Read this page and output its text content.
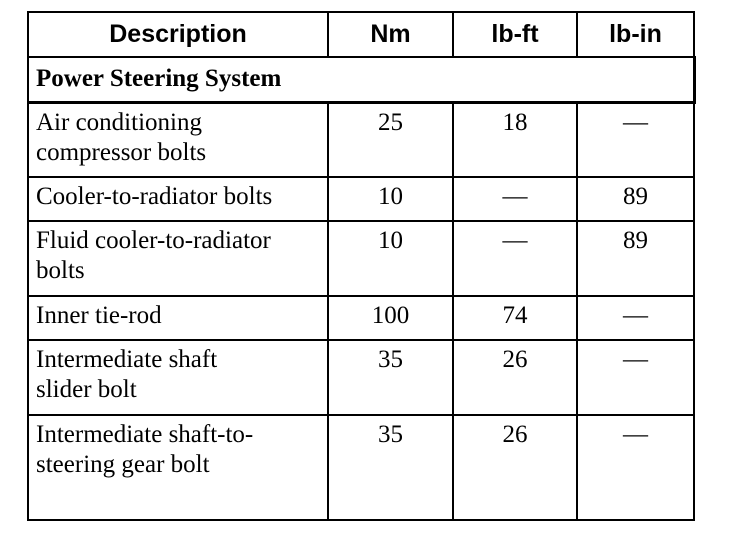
Description	Nm	lb-ft	lb-in
Power Steering System			
Air conditioning compressor bolts	25	18	—
Cooler-to-radiator bolts	10	—	89
Fluid cooler-to-radiator bolts	10	—	89
Inner tie-rod	100	74	—
Intermediate shaft slider bolt	35	26	—
Intermediate shaft-to-steering gear bolt	35	26	—
